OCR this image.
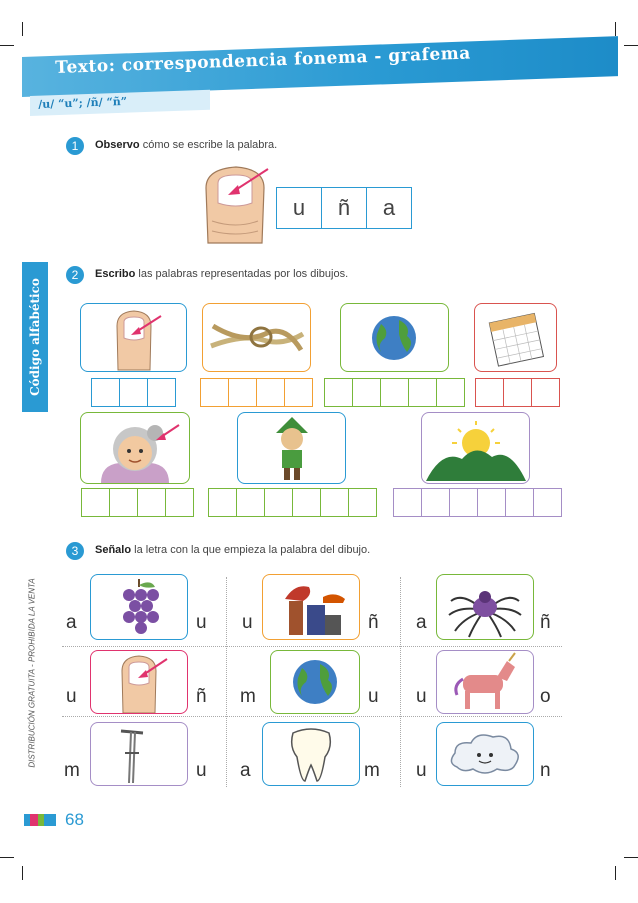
Texto: correspondencia fonema - grafema
/u/ “u”; /ñ/ “ñ”
Código alfabético
DISTRIBUCIÓN GRATUITA - PROHIBIDA LA VENTA
1	Observo cómo se escribe la palabra.
u	ñ	a
2	Escribo las palabras representadas por los dibujos.
3	Señalo la letra con la que empieza la palabra del dibujo.
a	u u	ñ a	ñ
u	ñ m	u u	o
m	u a	m u	n
68
